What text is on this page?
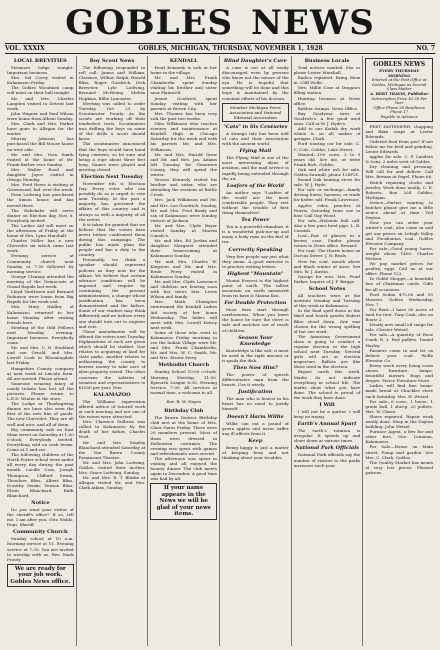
GOBLES NEWS
VOL. XXXIX	GOBLES, MICHIGAN, THURSDAY, NOVEMBER 1, 1928	NO. 7
LOCAL BREVITIES

Mesmore lodge tonight. Important business.

Mrs. Sid Covey visited in Kalamazoo Friday.

The Gobles Woodmen camp will meet on their hall tonight.

Mr. and Mrs. Charles Langden visited in Detroit last week.

John Wagner and Paul Wilson were home from Albion Sunday.

Mrs. Clark and Mrs. Parker have gone to Allegan for the winter.

Murray Johnson has purchased the Bill Moore house on west side.

Mr. and Mrs. Vern Smith visited at the home of Mr. Frank Barber over Sunday.

Mrs. Walter Rood and daughter Joyce, visited in Otsego Monday.

Mrs. Fred Howe is visiting at Greenwood, Ind. over the week.

Evan Lodwing has purchased the Simon house and has moved there.

The Rebekahs will serve dinner on Election day, Nov. 6. Everybody invited.

The Ladies Aid will meet on the afternoon of Friday at the home of Mrs. Lynn Marshall.

Charles Miller has a new Chevrolet six which came last week.

Evening service at Community church next Sunday at 7:30 followed by morning service.

George Clemmy attended the meeting of the Democrats at Grand Rapids last week.

Lloyd VanHasen and Bernard Robinson were home from Big Rapids for the week end.

Mrs. Mary Hadley of Kalamazoo returned to her home Monday after visiting friends here.

Meeting of the Odd Fellows next Monday evening. Important business. Everybody come.

Mr. and Mrs. C. R. Stoddard and son Gerald, and Mrs. Lowell Cook in Bloomingdale last Friday.

Hampshire County company at next week at Lincoln farm. All are invited. Please attend.

Someone wearing fancy of candy tickets has lost all the pictures. Please return to L.E.D. Winter at the store.

The Lodge at Thanksgiving dinner, we have also seen the first of the new line of goods. The new Chevrolet. They are all well and nice, and all of them.

Big community sale on East Main street on Saturday at 1:00 o'clock. Everybody invited. Everything sold on cash terms. Come at 1 and see.

The following children of the North Porter school were under all every day during the past month. Lucille Cass, Joseph Thompson, Clifford Swain, Theodore Bliss, Albert Bliss, Dorothy Swain, Vernon Bliss, Elwin Blanchard, Ruth Blanchard.

Notice

Do you want your visitor of the sheriff's office? If so, tell me. I am after you. Otto Waldo, Dept. Sheriff.

Community Church

Sunday school at 10 a.m. Morning service at 11. Evening service at 7:30. You are invited to worship with us. Rev. Mark Prouty

We are ready for your job work. Gobles News office.
Boy Scout News

The following responded to roll call: James and William, Clarence, Wilbur, Ralph, Harold Bliss, Roger Goodrich, Dick Brewster, Lyle Lodwing, Bernard McWeeny, Melvin Hopkins, Billie Lancaster.

Meeting was called to order Tuesday, Oct. 23 by Scoutmaster Prouty. As the scouts are working off their tenderfoot tests, Scoutmaster was drilling the boys on some of the drills a scout should know.

The scoutmaster announced that the boys would have hand tying contests, so be sure and bring a rope about three feet long. Games were played and meeting closed.

Election Next Tuesday

November 6th is Election Day. Every voter who can possibly do so is urged to vote next Tuesday. In the past a majority has governed the affairs of this country and is always so with a majority of all the voters.

It is taken for granted that we believe that the voters have never before confronted them during this campaign. The public has made plain the people and has a duty to the country.

Personally, we think a speaker should represent policies as they now for the affairs. We believe that certain advance conditions will be imposed and require by continuing the present administration, a change whose justification has been demonstrated and the failure. Some of our readers may think differently and we believe every one should turn out to register and vote.

These amendments will be offered the voters next Tuesday. Explanations of each are given which should be studied. One relates to acquiring of land for state parks. Another relates to authorizing the county to borrow money to take care of alien property seized. The other concerns the salaries of senators and representatives to $1000 per year. Vote.

KALAMAZOO

The Williams supervision offered advice of tutored work at each meeting and not one of the voters were attracted.

Mrs. Clarence Sullivan was called to Kalamazoo by the death of her father, Charles Noel.

Mr. and Mrs. Stanley Blanchard attended Saturday at the Van Buren County Paramount Theatre.

Mr. and Mrs. John Lodwing, Gobles, visited their mother, Mrs. Grace Lodwing, Sunday.

Mr. and Mrs. R. T. Blaske at Allegan visited Mr. and Mrs. Clark Atkins, Sunday.

KENDALL

Pearl Kennedy is sick at her home in the village.

Mr. and Mrs. Frank Chamberlin spent Sunday visiting his brother and sister near Plainwell.

Jennie Goodrich spent Sunday visiting with her parents at Brown City.

Mrs. Thomas has been very sick the past two weeks.

Glen Wilkinson who teaches scenery and maintenance at Kendall High in Chicago Saturday for the week end with his parents Mr. and Mrs. Wilkinson.

Mr. and Mrs. Harold Grow and Mr. and Mrs. Jas. Adams left Tuesday for Gennesee County, they will spend the winter.

Vernon Kennedy visited his brother and sister, who are attending the sessions at Battle Creek.

Mrs. Jack Wilkinson and Mr. and Mrs. Lee Goodrich, Sunday, Mr. and Mrs. Fred Brady and son of Kalamazoo were Sunday visitors at Jackson.

Mr. and Mrs. Clyde Boyer visited Sunday at Marvin Canale's.

Mr. and Mrs. Ed Jordan and daughter Margaret attended their homecoming at Kalamazoo Sunday.

Mr. and Mrs. Charles W. Kingston and Mr. and Mrs. Ernie Perry visited in Kalamazoo Sunday.

Mr. and Mrs. Clyde Lawrence and children are leaving soon with her sister, Mrs. Lewis Wilson and family.

Mrs. Mark Champion entertained the Kendall Ladies Aid society at her home Wednesday. The ladies will meet with Mrs. Lowell Kelsey next week.

Some of those who went to Kalamazoo Friday morning to see the Indian Village were Mr. and Mrs. Frank Chamberlin, Mr. and Mrs. W. C. Smith, Mr. and Mrs. Ernest Perry.

Methodist Church

Sunday School 10:00 o'clock. Morning Worship, 11:00. Epworth League 6:30. Evening Service, 7:30. All services at normal time, a welcome to all.

Rev. R. W. Hayes

Birthday Club

The Brown District Birthday club met at the home of Mrs. Clara Gates Friday. There were 20 members present. Most of them were dressed in Halloween costumes. The evening was spent with games and refreshments were served.

The afternoon was spent in visiting and all enjoyed the bounty dinner. The club meets again in December. A good time was had by all.

If your name appears in the News we will be glad of your news items.
Blind Daughter's Cure

A cure is not at all easily discouraged even by persons who know not the nature of the eye. He is hopeful that something will be done and this hope is maintained by the constant efforts of his doctors.

Member Michigan Press Association and National Editorial Association
"Cats" in Six Centuries

A strange tale has been told of cats and their association with the ancient world.

Flying Mail

The Flying Mail is one of the most interesting ideas of aviation, and the mail service is rapidly being extended through the air.

Loafers of the World

An author says "Loafers of the world are the most comfortable people. They rest without the trouble of first tiring themselves".

Tea Power

Tea is a powerful stimulant, it is a wonderful pick-me-up and many a body runs on the fuel of tea.

Correctly Speaking

Very few people say just what they mean. A good exercise is to practice writing letters.

Highest "Mountain"

Mount Everest is the highest point of earth. The tallest mountain on earth measured from its base is Mauna Kea.

For Double Protection

Most fires start through carelessness. When you leave the house be sure the stove is safe and matches out of reach of children.

Season Your Knowledge

Knowledge is like salt, it must be used in the right amount or it spoils the dish.

Then Now Him?

The power of speech differentiates man from the beasts. Use it wisely.

Justification

The man who is honest in his heart has no need to justify himself.

Doesn't Harm Willie

Willie can eat a pound of green apples and never suffer any ill effects from it.

Keep

Being happy is just a matter of keeping busy and not thinking about your troubles.

Business Locals

Trial notices wanted. See or phone Lester Marshall.

Radios repaired. Bring them in. Cliff Wolfe.

Mrs. Millie Cose at Dragan's filling station.

Hunting licenses at News office.

Rubber stamps. News Office.

Buy Goodyear tires at Goodrich's. A few good used ones. Call at W. J. Hyde's.

Add to our Kodak dry work which is on all makes of garages. Clark.

Ford touring car for sale. C. C. Cole, Gobles, Lake Street.

Wanted—100 cows, 3 to 5 years old. See me, or write Frank Rich, Gobles.

Oak and white ash for sale. Gobles Sawmill, phone 128F21.

Round Oak heating stove for sale. W. J. Hyde.

For sale or exchange—family driving horse, harness, or trade for heifer calf. Frank Lawrence.

Apples cider, peaches at Norris, Saturday from one to four. Call Guy Wood.

For sale—Holstein bull calf. Also a few pure bred pigs. L. B. Cornish.

Lost—Pair of glasses in a brown case. Finder please return to News office. Reward.

For rent: The Harris house on Dorcas Street. J. R. Beals.

New fur coat, mouth above and black winter of sizes. See Mrs. W. J. Austin.

Garage for rent. Mrs. Pearl Parker. Inquire of J. F. Briggs.

School Notes

All teachers were at the institute Monday and Tuesday of this week in Kalamazoo.

In the final spell down in the third and fourth grades Robert Bliss stood down. One was chosen for the wrong spelling of but one word.

The American Government class is going to conduct a regular election in the high school next Tuesday. Several girls will act as election inspectors. Ballots are like those used in the election.

Report cards this week. Marks do not indicate everything in school life. The marks show what you have done. The school is proud of the work they have done.

I Will

I will not be a quitter. I will keep on trying.

Earth's Annual Spurt

The earth's rotation is irregular. It speeds up and slows down at various times.

National Park Officials

National Park officials say the number of visitors to the parks increases each year.

GOBLES NEWS
EVERY THURSDAY MORNING
Entered at the Post Office at Gobles, Michigan as Second Class Matter
A. BERT TRAVIS, Publisher
Subscription Price $1.50 Per Year
Office Phone 28 Residence Phone 17
Payable in Advance

FEET DISTEMPER, chapping and flake soaps at Lester Edwards.

Ordered feed from you? If not follow me for feed and grinding. Lester Edwards.

Apples for sale. C. F. Landers & Sons, 2 miles west of Gobles.

Dry cleaning and pressing. Will call for and deliver. Call Mrs. Bevans at Pagel. Phone 66.

Watch repairing clocks and jewelry. Work done neatly. C. E. Roberts, Box 204 Gobles, Michigan.

Notice—Parties wanting to butcher please give me a little notice ahead of time. Ted Dayton.

Now you can order your winter's coal, also come in and get our prices on Lehigh Valley and Pocahontas coal. Gobles Elevator Company.

For sale—Good young horse, weight about 1400. Charles Nielsen.

We pay market prices for poultry, eggs. Call us at our office. Phone 123.

Ye Gobbl Shoppe—A beautiful line of Christmas cards. Gifts for all occasions.

Ford Sedan $75.00 and 50 Mowers. Gobles Wednesday, Nov. 7.

For Rent—I have 80 acres of land for rent. Tony Cash, also on Route 2.

Nearly new small oil range for sale. Chester Wetzel.

For sale—A quantity of Rose Comb R. I. Red pullets. Daniel Hurley.

Farmers come in and let us deliver your coal. Wolfe Elevator Co.

Every week every living room shows furniture, lamps, beautiful mirrors. Rugs and drapes. Pierce Furniture Store.

Ladies will find fine home-made bread at Chuckles store each Saturday. Mrs. H. Wetzel.

For sale—6 cows, 1 horse, 1 grade bull, 1 sheep, 20 pullets. Mrs. W. Chase.

Shoes repaired. Repair work neatly done. Shop in the Dayton building. John Wetzel.

Furnace Agent, a few fur and other furs. Geo. Lemmon, Kalamazoo.

For Sale—House on Main street. Pump and garden. See Mrs. C. Clark, Gobles.

The Quality Market has meats at very low prices. Pleased patrons.
